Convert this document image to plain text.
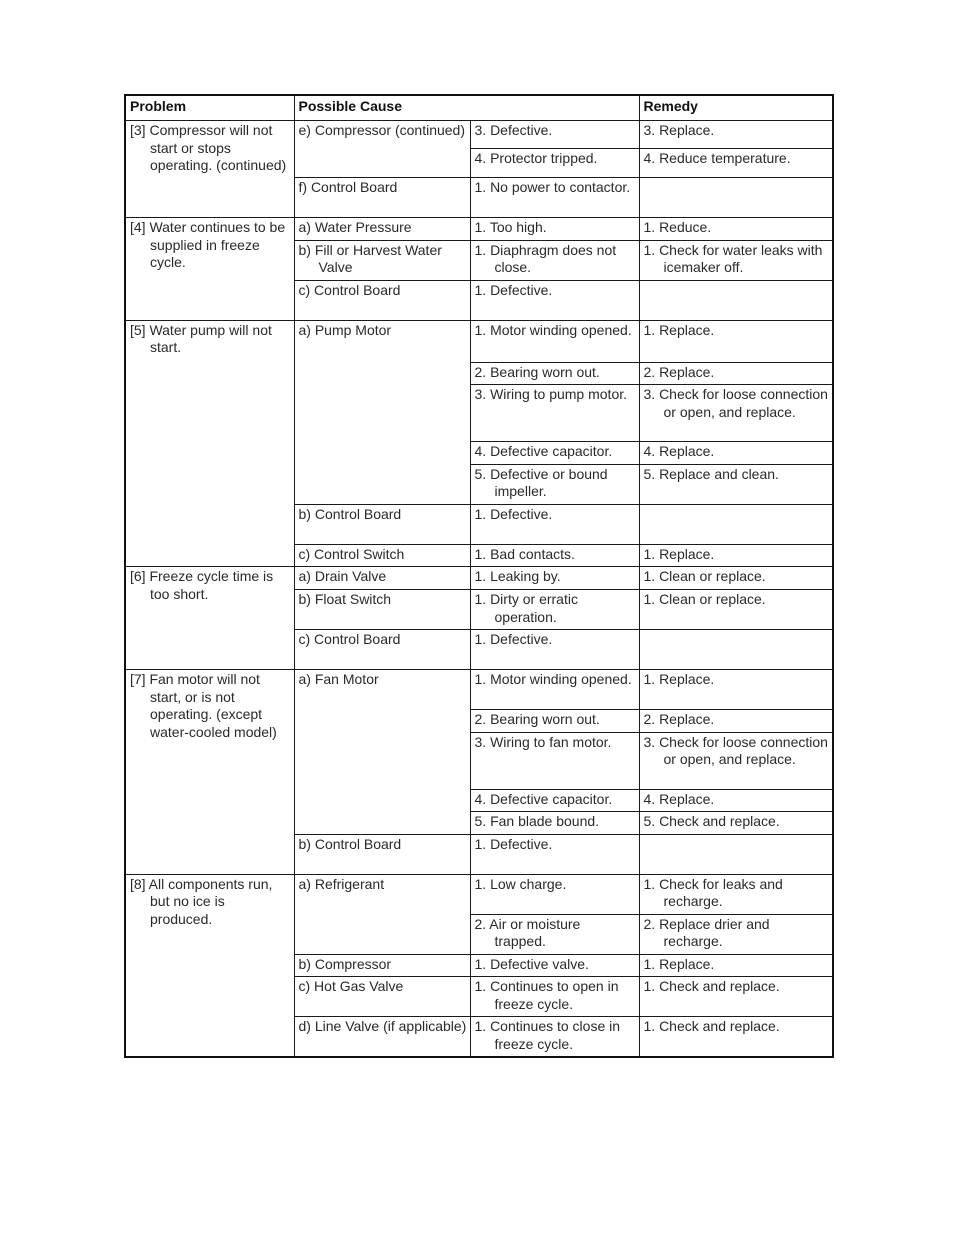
Problem	Possible Cause		Remedy
[3] Compressor will not start or stops operating. (continued)	e) Compressor (continued)	3. Defective.	3. Replace.
		4. Protector tripped.	4. Reduce temperature.
	f) Control Board	1. No power to contactor.	
[4] Water continues to be supplied in freeze cycle.	a) Water Pressure	1. Too high.	1. Reduce.
	b) Fill or Harvest Water Valve	1. Diaphragm does not close.	1. Check for water leaks with icemaker off.
	c) Control Board	1. Defective.	
[5] Water pump will not start.	a) Pump Motor	1. Motor winding opened.	1. Replace.
		2. Bearing worn out.	2. Replace.
		3. Wiring to pump motor.	3. Check for loose connection or open, and replace.
		4. Defective capacitor.	4. Replace.
		5. Defective or bound impeller.	5. Replace and clean.
	b) Control Board	1. Defective.	
	c) Control Switch	1. Bad contacts.	1. Replace.
[6] Freeze cycle time is too short.	a) Drain Valve	1. Leaking by.	1. Clean or replace.
	b) Float Switch	1. Dirty or erratic operation.	1. Clean or replace.
	c) Control Board	1. Defective.	
[7] Fan motor will not start, or is not operating. (except water-cooled model)	a) Fan Motor	1. Motor winding opened.	1. Replace.
		2. Bearing worn out.	2. Replace.
		3. Wiring to fan motor.	3. Check for loose connection or open, and replace.
		4. Defective capacitor.	4. Replace.
		5. Fan blade bound.	5. Check and replace.
	b) Control Board	1. Defective.	
[8] All components run, but no ice is produced.	a) Refrigerant	1. Low charge.	1. Check for leaks and recharge.
		2. Air or moisture trapped.	2. Replace drier and recharge.
	b) Compressor	1. Defective valve.	1. Replace.
	c) Hot Gas Valve	1. Continues to open in freeze cycle.	1. Check and replace.
	d) Line Valve (if applicable)	1. Continues to close in freeze cycle.	1. Check and replace.
